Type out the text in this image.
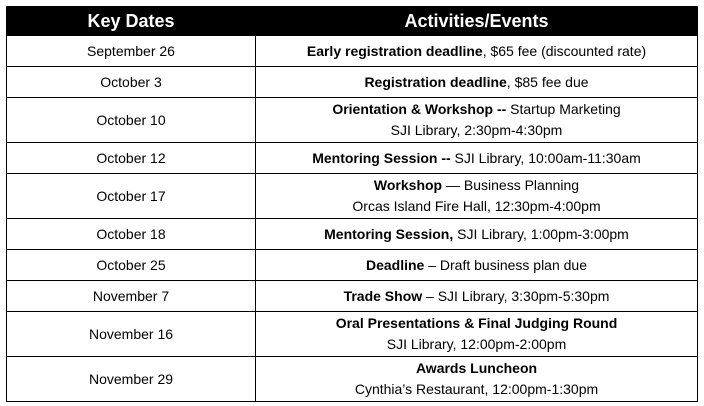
Key Dates	Activities/Events
September 26	Early registration deadline, $65 fee (discounted rate)

October 3	Registration deadline, $85 fee due

October 10	Orientation & Workshop -- Startup Marketing
SJI Library, 2:30pm-4:30pm

October 12	Mentoring Session -- SJI Library, 10:00am-11:30am

October 17	Workshop — Business Planning
Orcas Island Fire Hall, 12:30pm-4:00pm

October 18	Mentoring Session, SJI Library, 1:00pm-3:00pm

October 25	Deadline – Draft business plan due

November 7	Trade Show – SJI Library, 3:30pm-5:30pm

November 16	Oral Presentations & Final Judging Round
SJI Library, 12:00pm-2:00pm

November 29	Awards Luncheon
Cynthia’s Restaurant, 12:00pm-1:30pm
